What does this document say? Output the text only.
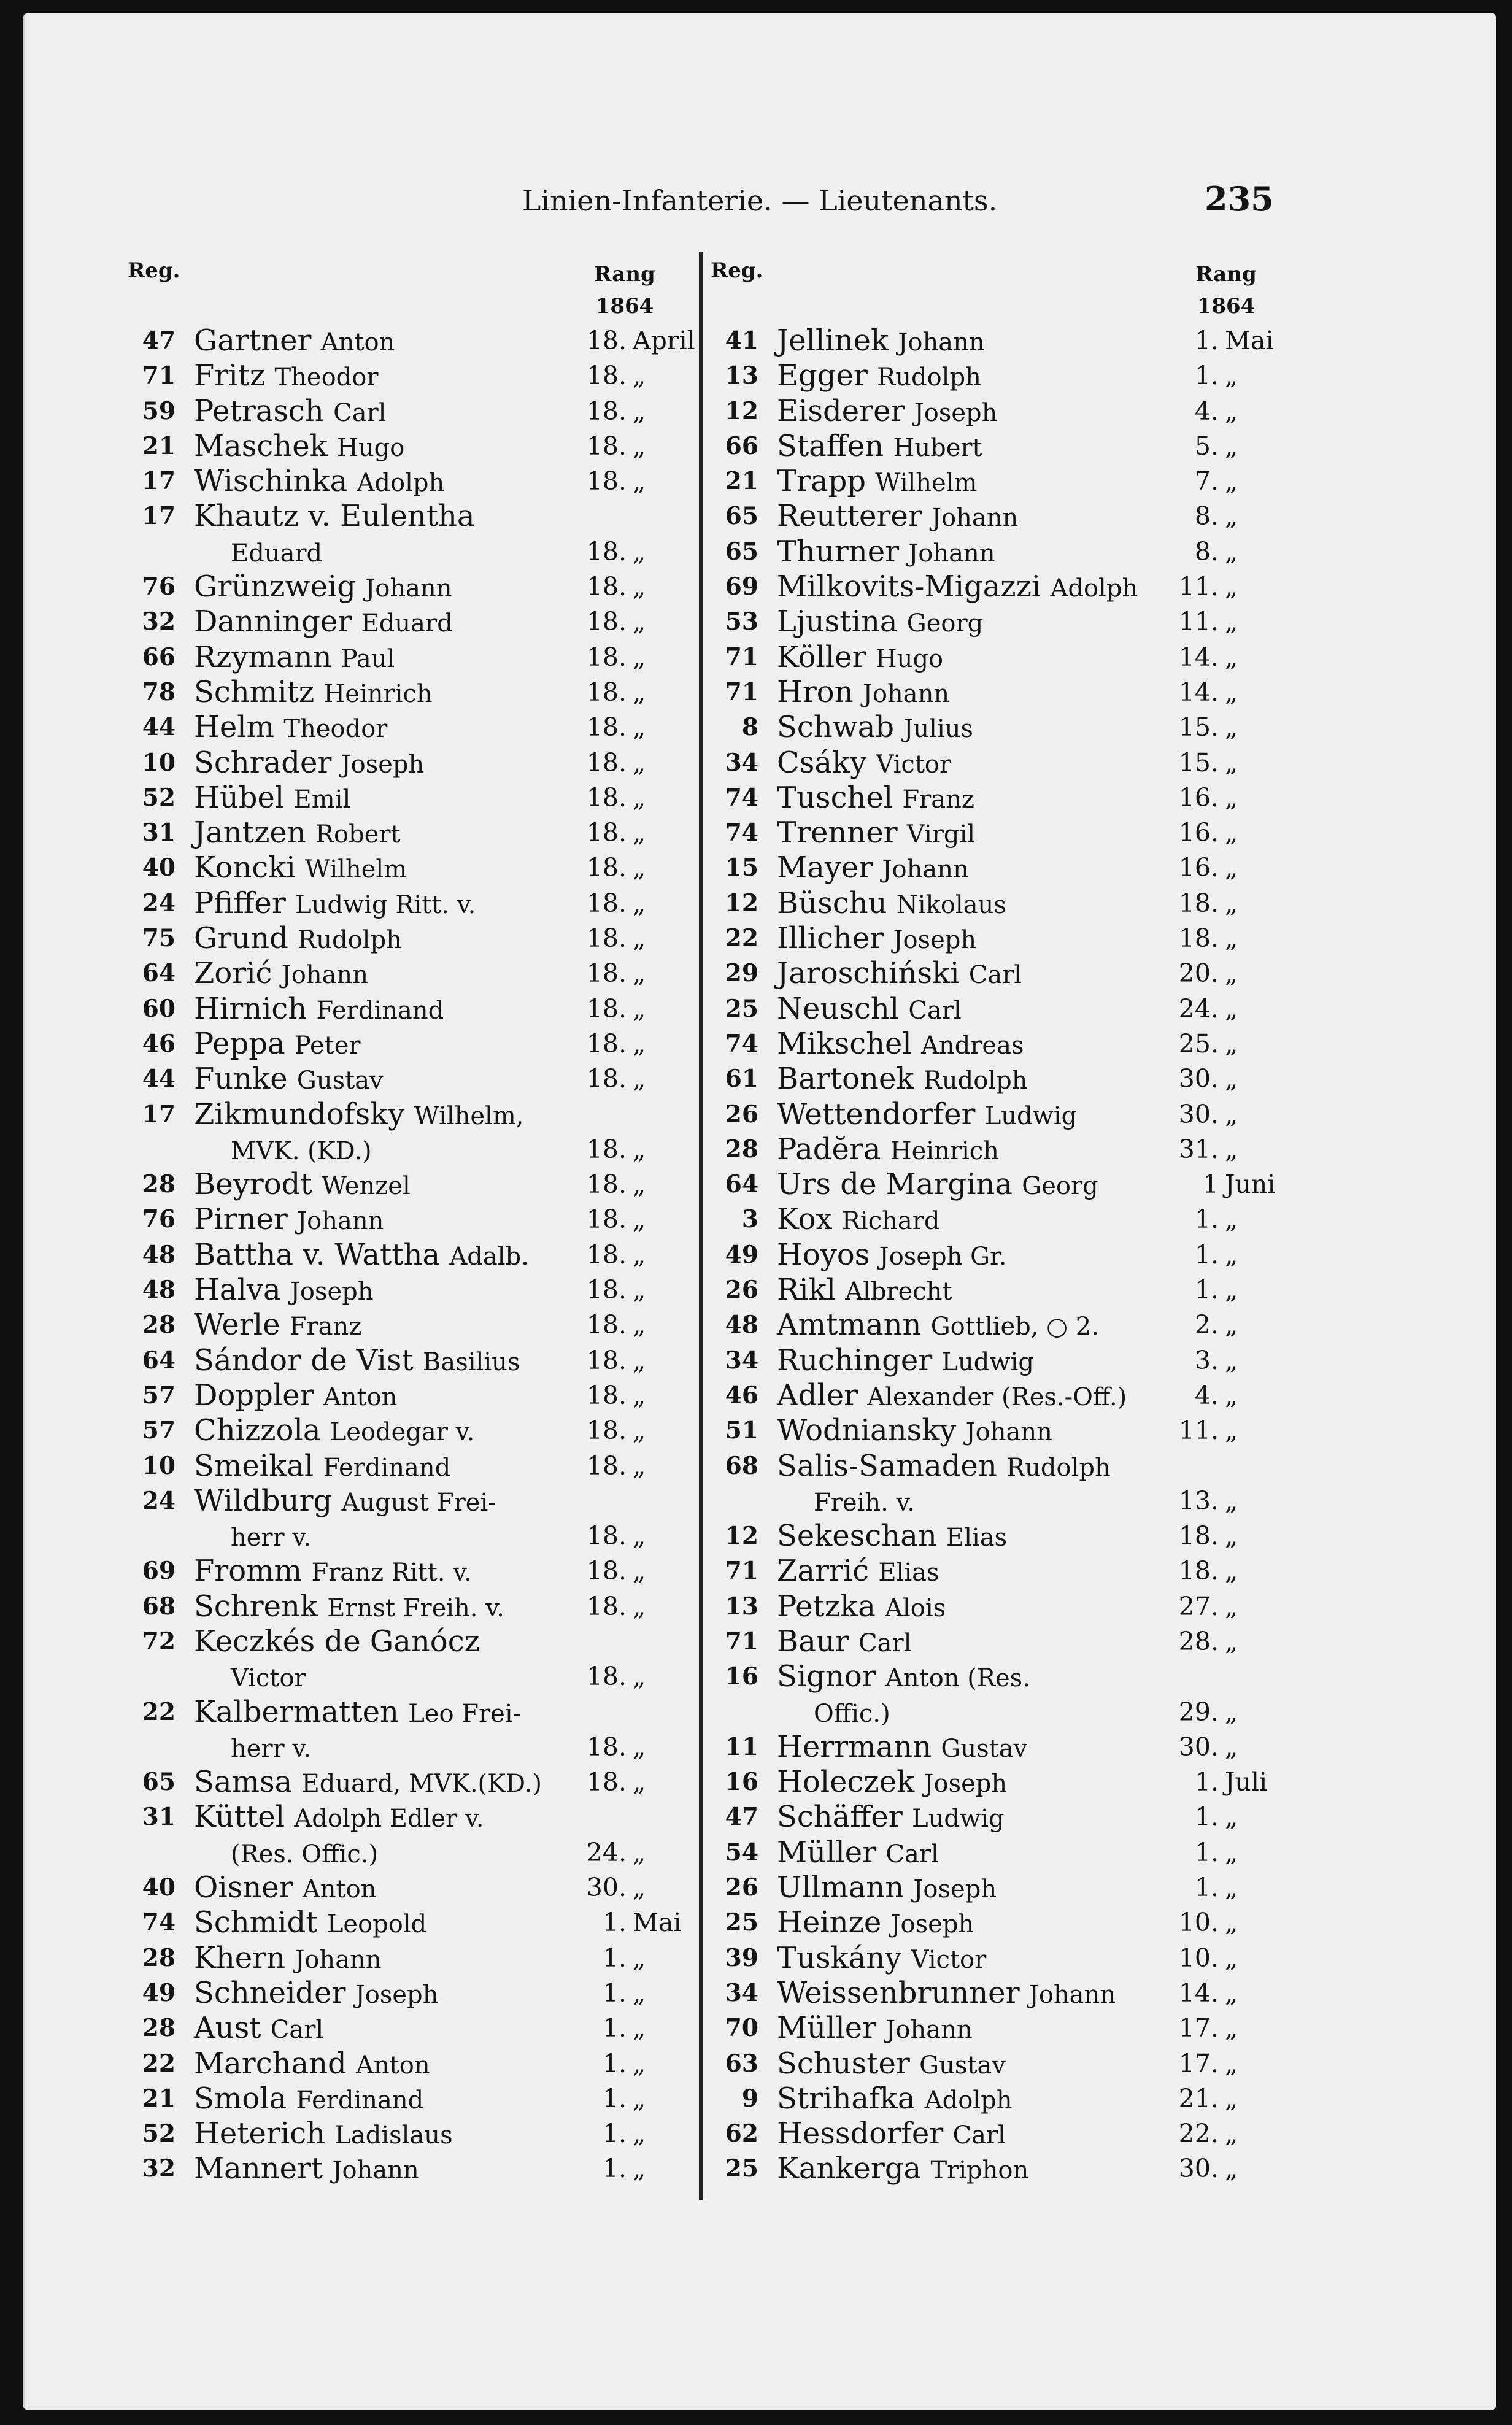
Linien-Infanterie. — Lieutenants.	235
Reg.	Rang
1864
47 Gartner Anton	18. April
71 Fritz Theodor	18. „
59 Petrasch Carl	18. „
21 Maschek Hugo	18. „
17 Wischinka Adolph	18. „
17 Khautz v. Eulentha
Eduard	18. „
76 Grünzweig Johann	18. „
32 Danninger Eduard	18. „
66 Rzymann Paul	18. „
78 Schmitz Heinrich	18. „
44 Helm Theodor	18. „
10 Schrader Joseph	18. „
52 Hübel Emil	18. „
31 Jantzen Robert	18. „
40 Koncki Wilhelm	18. „
24 Pfiffer Ludwig Ritt. v.	18. „
75 Grund Rudolph	18. „
64 Zorić Johann	18. „
60 Hirnich Ferdinand	18. „
46 Peppa Peter	18. „
44 Funke Gustav	18. „
17 Zikmundofsky Wilhelm,
MVK. (KD.)	18. „
28 Beyrodt Wenzel	18. „
76 Pirner Johann	18. „
48 Battha v. Wattha Adalb.	18. „
48 Halva Joseph	18. „
28 Werle Franz	18. „
64 Sándor de Vist Basilius	18. „
57 Doppler Anton	18. „
57 Chizzola Leodegar v.	18. „
10 Smeikal Ferdinand	18. „
24 Wildburg August Frei-
herr v.	18. „
69 Fromm Franz Ritt. v.	18. „
68 Schrenk Ernst Freih. v.	18. „
72 Keczkés de Ganócz
Victor	18. „
22 Kalbermatten Leo Frei-
herr v.	18. „
65 Samsa Eduard, MVK.(KD.)	18. „
31 Küttel Adolph Edler v.
(Res. Offic.)	24. „
40 Oisner Anton	30. „
74 Schmidt Leopold	1. Mai
28 Khern Johann	1. „
49 Schneider Joseph	1. „
28 Aust Carl	1. „
22 Marchand Anton	1. „
21 Smola Ferdinand	1. „
52 Heterich Ladislaus	1. „
32 Mannert Johann	1. „
Reg.	Rang
1864
41 Jellinek Johann	1. Mai
13 Egger Rudolph	1. „
12 Eisderer Joseph	4. „
66 Staffen Hubert	5. „
21 Trapp Wilhelm	7. „
65 Reutterer Johann	8. „
65 Thurner Johann	8. „
69 Milkovits-Migazzi Adolph	11. „
53 Ljustina Georg	11. „
71 Köller Hugo	14. „
71 Hron Johann	14. „
8 Schwab Julius	15. „
34 Csáky Victor	15. „
74 Tuschel Franz	16. „
74 Trenner Virgil	16. „
15 Mayer Johann	16. „
12 Büschu Nikolaus	18. „
22 Illicher Joseph	18. „
29 Jaroschiński Carl	20. „
25 Neuschl Carl	24. „
74 Mikschel Andreas	25. „
61 Bartonek Rudolph	30. „
26 Wettendorfer Ludwig	30. „
28 Padĕra Heinrich	31. „
64 Urs de Margina Georg	1 Juni
3 Kox Richard	1. „
49 Hoyos Joseph Gr.	1. „
26 Rikl Albrecht	1. „
48 Amtmann Gottlieb, ○ 2.	2. „
34 Ruchinger Ludwig	3. „
46 Adler Alexander (Res.-Off.)	4. „
51 Wodniansky Johann	11. „
68 Salis-Samaden Rudolph
Freih. v.	13. „
12 Sekeschan Elias	18. „
71 Zarrić Elias	18. „
13 Petzka Alois	27. „
71 Baur Carl	28. „
16 Signor Anton (Res.
Offic.)	29. „
11 Herrmann Gustav	30. „
16 Holeczek Joseph	1. Juli
47 Schäffer Ludwig	1. „
54 Müller Carl	1. „
26 Ullmann Joseph	1. „
25 Heinze Joseph	10. „
39 Tuskány Victor	10. „
34 Weissenbrunner Johann	14. „
70 Müller Johann	17. „
63 Schuster Gustav	17. „
9 Strihafka Adolph	21. „
62 Hessdorfer Carl	22. „
25 Kankerga Triphon	30. „
